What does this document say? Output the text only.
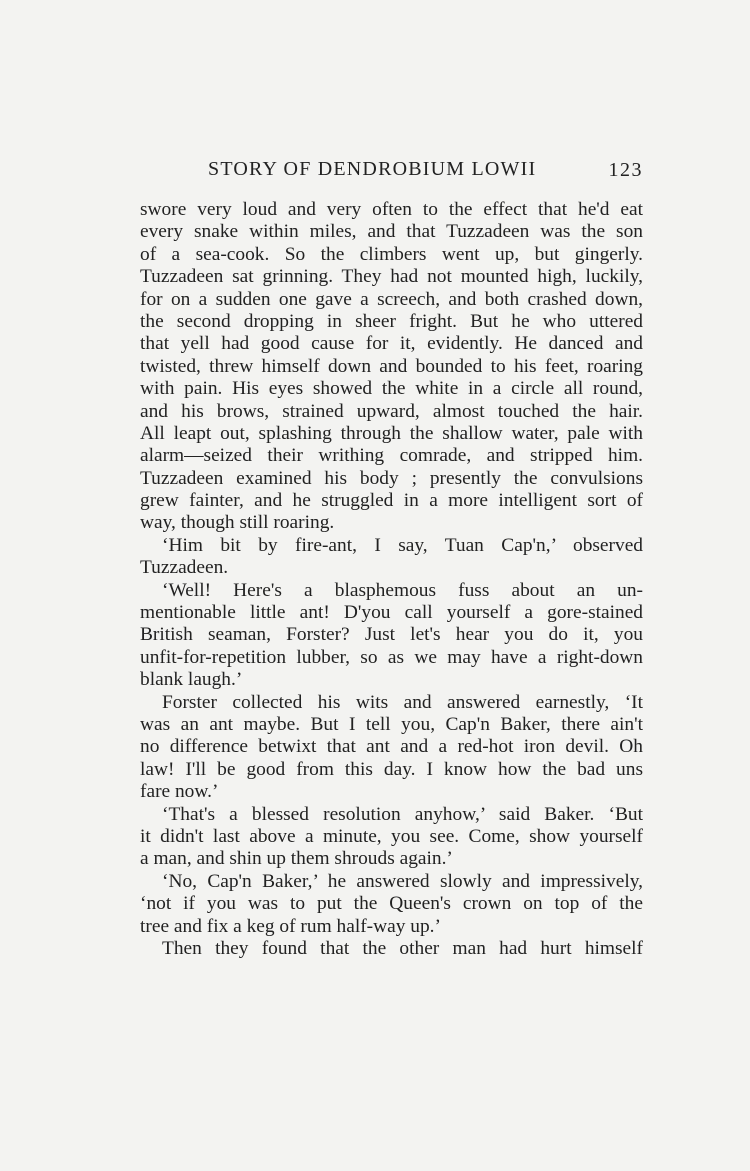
STORY OF DENDROBIUM LOWII	123
swore very loud and very often to the effect that he'd eat
every snake within miles, and that Tuzzadeen was the son
of a sea-cook. So the climbers went up, but gingerly.
Tuzzadeen sat grinning. They had not mounted high, luckily,
for on a sudden one gave a screech, and both crashed down,
the second dropping in sheer fright. But he who uttered
that yell had good cause for it, evidently. He danced and
twisted, threw himself down and bounded to his feet, roaring
with pain. His eyes showed the white in a circle all round,
and his brows, strained upward, almost touched the hair.
All leapt out, splashing through the shallow water, pale with
alarm—seized their writhing comrade, and stripped him.
Tuzzadeen examined his body ; presently the convulsions
grew fainter, and he struggled in a more intelligent sort of
way, though still roaring.
‘Him bit by fire-ant, I say, Tuan Cap'n,’ observed
Tuzzadeen.
‘Well! Here's a blasphemous fuss about an un-
mentionable little ant! D'you call yourself a gore-stained
British seaman, Forster? Just let's hear you do it, you
unfit-for-repetition lubber, so as we may have a right-down
blank laugh.’
Forster collected his wits and answered earnestly, ‘It
was an ant maybe. But I tell you, Cap'n Baker, there ain't
no difference betwixt that ant and a red-hot iron devil. Oh
law! I'll be good from this day. I know how the bad uns
fare now.’
‘That's a blessed resolution anyhow,’ said Baker. ‘But
it didn't last above a minute, you see. Come, show yourself
a man, and shin up them shrouds again.’
‘No, Cap'n Baker,’ he answered slowly and impressively,
‘not if you was to put the Queen's crown on top of the
tree and fix a keg of rum half-way up.’
Then they found that the other man had hurt himself
